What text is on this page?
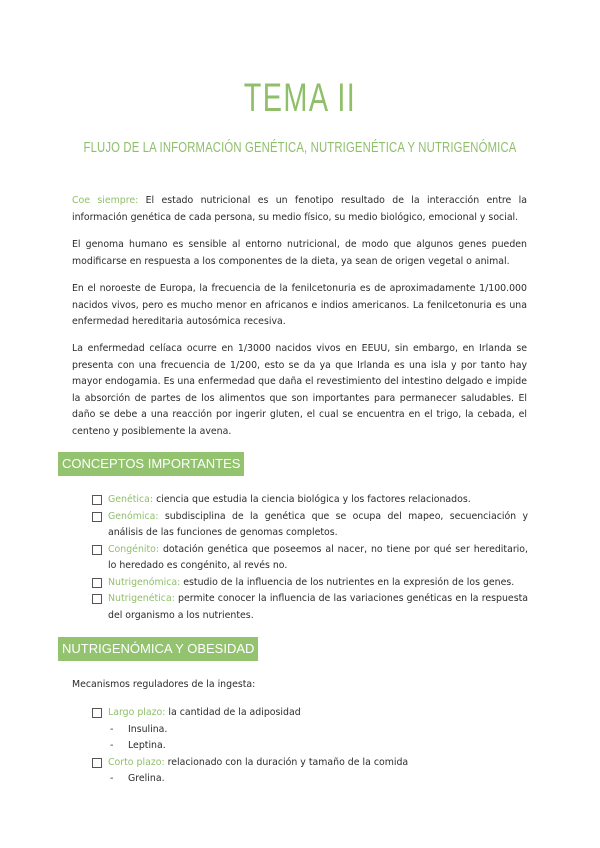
TEMA II
FLUJO DE LA INFORMACIÓN GENÉTICA, NUTRIGENÉTICA Y NUTRIGENÓMICA
Coe siempre: El estado nutricional es un fenotipo resultado de la interacción entre la información genética de cada persona, su medio físico, su medio biológico, emocional y social.
El genoma humano es sensible al entorno nutricional, de modo que algunos genes pueden modificarse en respuesta a los componentes de la dieta, ya sean de origen vegetal o animal.
En el noroeste de Europa, la frecuencia de la fenilcetonuria es de aproximadamente 1/100.000 nacidos vivos, pero es mucho menor en africanos e indios americanos. La fenilcetonuria es una enfermedad hereditaria autosómica recesiva.
La enfermedad celíaca ocurre en 1/3000 nacidos vivos en EEUU, sin embargo, en Irlanda se presenta con una frecuencia de 1/200, esto se da ya que Irlanda es una isla y por tanto hay mayor endogamia. Es una enfermedad que daña el revestimiento del intestino delgado e impide la absorción de partes de los alimentos que son importantes para permanecer saludables. El daño se debe a una reacción por ingerir gluten, el cual se encuentra en el trigo, la cebada, el centeno y posiblemente la avena.
CONCEPTOS IMPORTANTES
Genética: ciencia que estudia la ciencia biológica y los factores relacionados.
Genómica: subdisciplina de la genética que se ocupa del mapeo, secuenciación y análisis de las funciones de genomas completos.
Congénito: dotación genética que poseemos al nacer, no tiene por qué ser hereditario, lo heredado es congénito, al revés no.
Nutrigenómica: estudio de la influencia de los nutrientes en la expresión de los genes.
Nutrigenética: permite conocer la influencia de las variaciones genéticas en la respuesta del organismo a los nutrientes.
NUTRIGENÓMICA Y OBESIDAD
Mecanismos reguladores de la ingesta:
Largo plazo: la cantidad de la adiposidad
- Insulina.
- Leptina.
Corto plazo: relacionado con la duración y tamaño de la comida
- Grelina.
